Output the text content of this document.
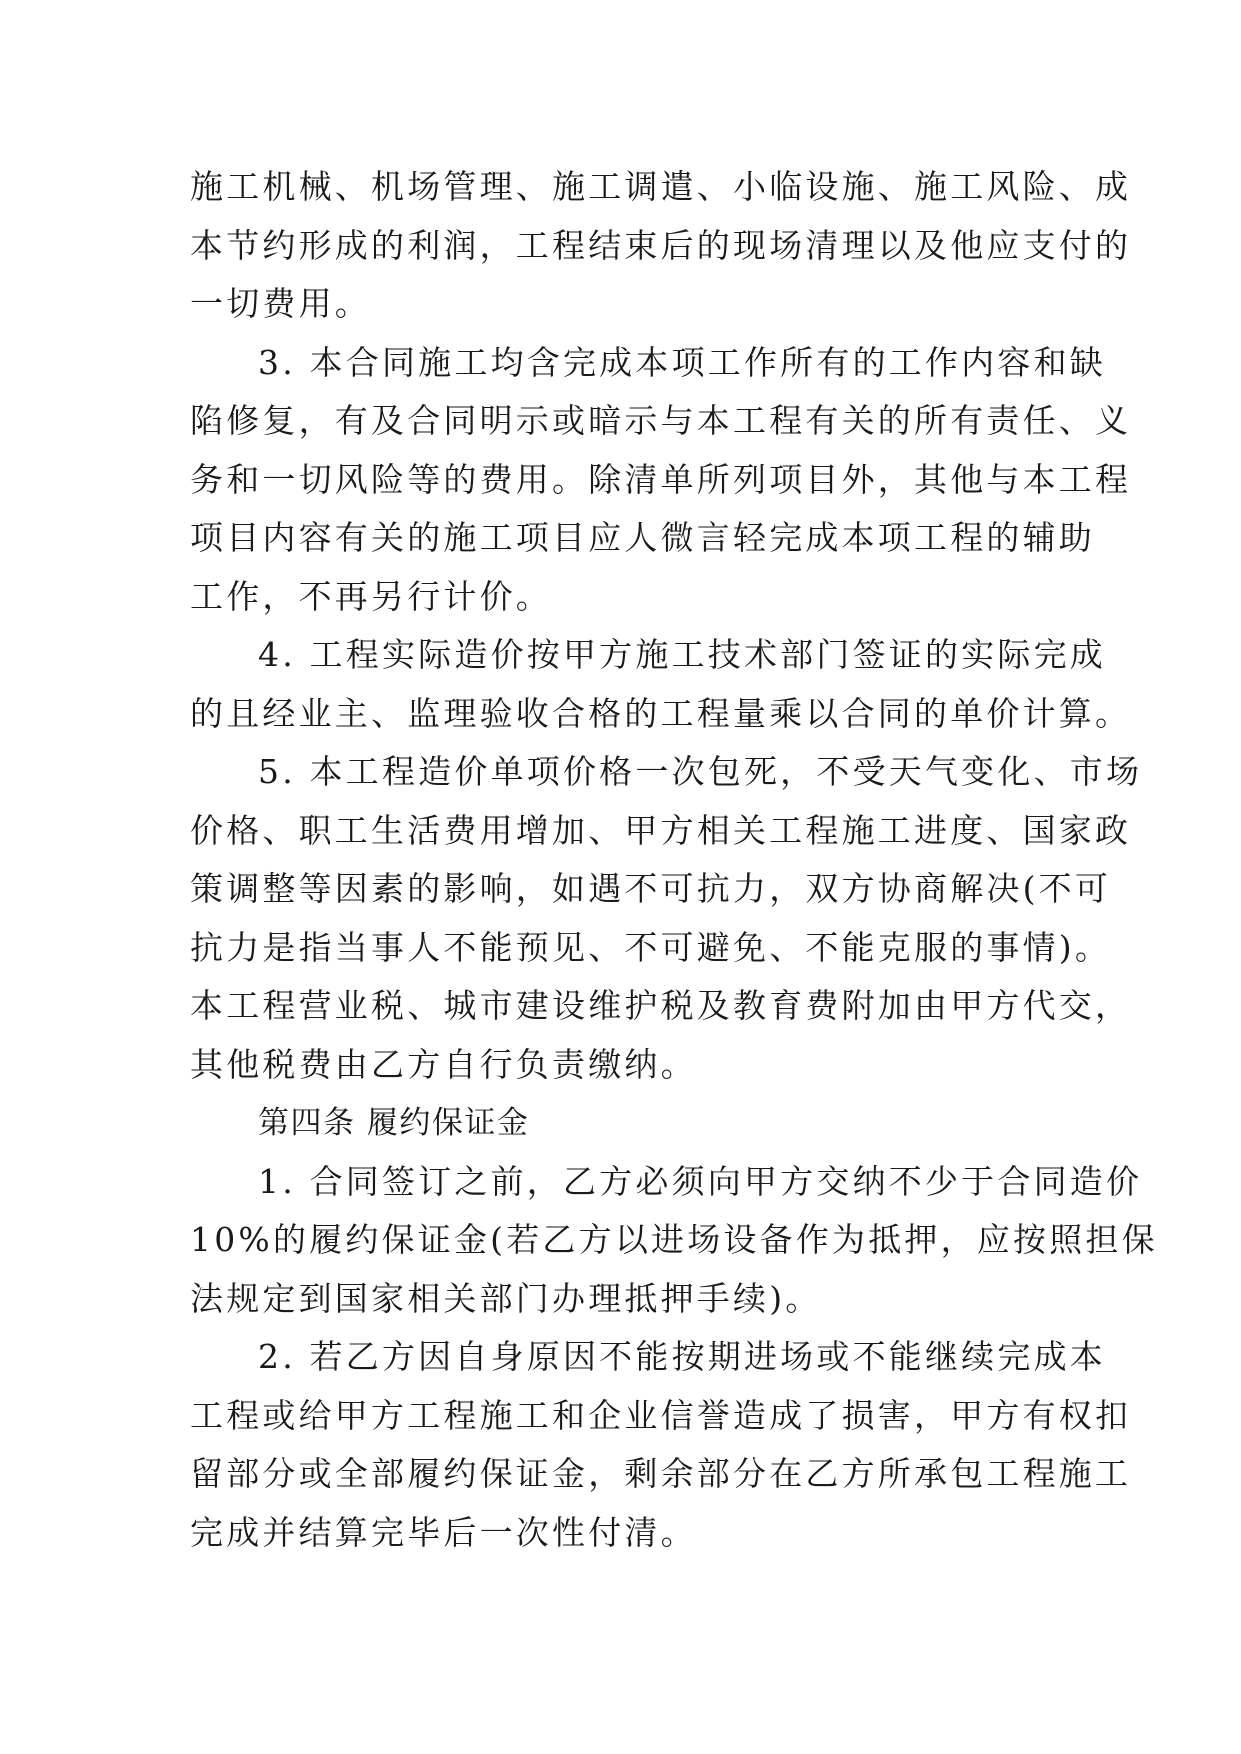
施工机械、机场管理、施工调遣、小临设施、施工风险、成
本节约形成的利润，工程结束后的现场清理以及他应支付的
一切费用。
3. 本合同施工均含完成本项工作所有的工作内容和缺
陷修复，有及合同明示或暗示与本工程有关的所有责任、义
务和一切风险等的费用。除清单所列项目外，其他与本工程
项目内容有关的施工项目应人微言轻完成本项工程的辅助
工作，不再另行计价。
4. 工程实际造价按甲方施工技术部门签证的实际完成
的且经业主、监理验收合格的工程量乘以合同的单价计算。
5. 本工程造价单项价格一次包死，不受天气变化、市场
价格、职工生活费用增加、甲方相关工程施工进度、国家政
策调整等因素的影响，如遇不可抗力，双方协商解决(不可
抗力是指当事人不能预见、不可避免、不能克服的事情)。
本工程营业税、城市建设维护税及教育费附加由甲方代交，
其他税费由乙方自行负责缴纳。
第四条 履约保证金
1. 合同签订之前，乙方必须向甲方交纳不少于合同造价
10%的履约保证金(若乙方以进场设备作为抵押，应按照担保
法规定到国家相关部门办理抵押手续)。
2. 若乙方因自身原因不能按期进场或不能继续完成本
工程或给甲方工程施工和企业信誉造成了损害，甲方有权扣
留部分或全部履约保证金，剩余部分在乙方所承包工程施工
完成并结算完毕后一次性付清。
